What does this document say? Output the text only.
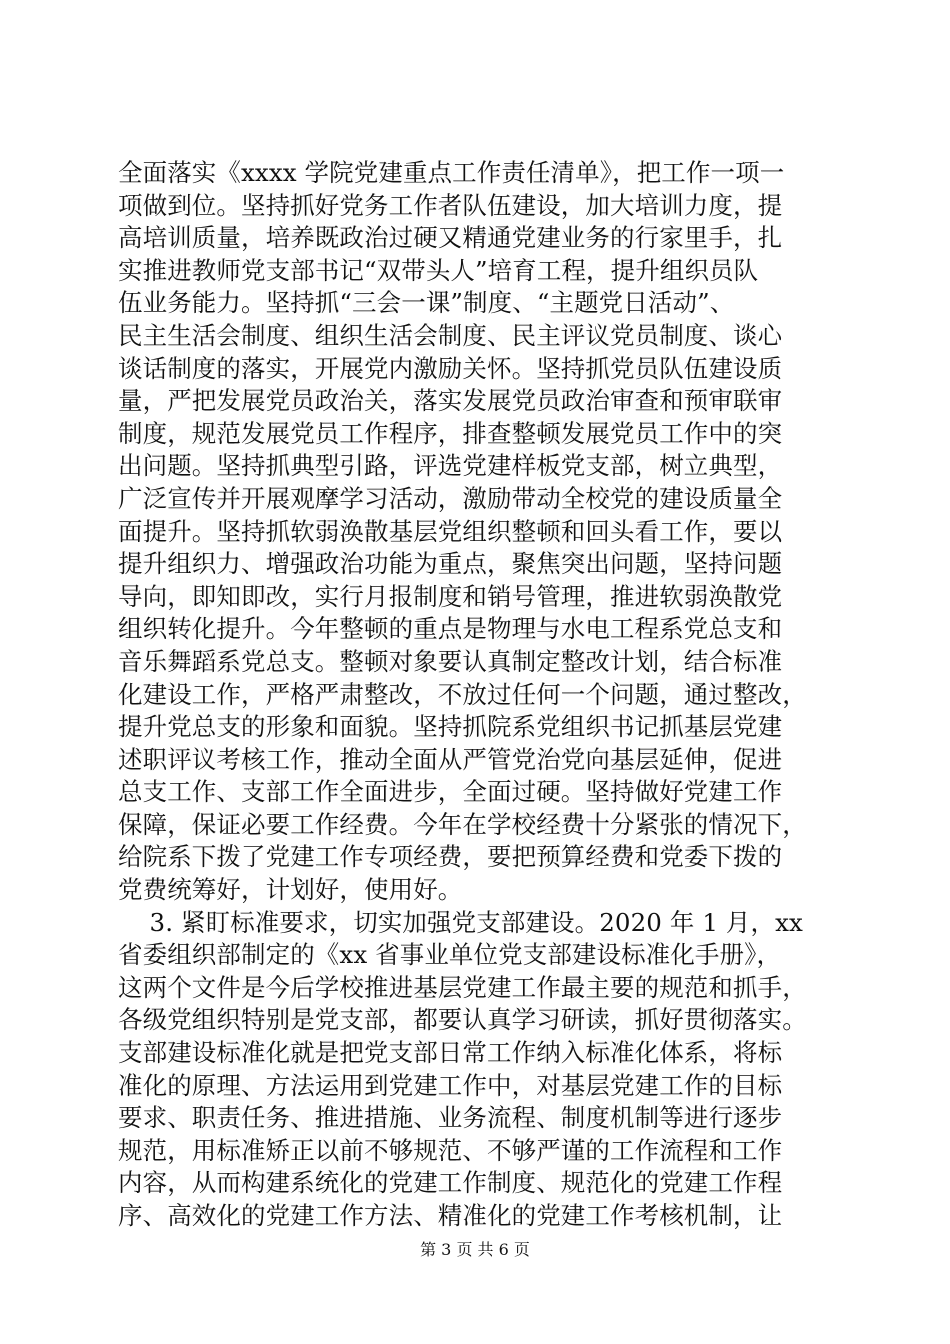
全面落实《xxxx 学院党建重点工作责任清单》，把工作一项一
项做到位。坚持抓好党务工作者队伍建设，加大培训力度，提
高培训质量，培养既政治过硬又精通党建业务的行家里手，扎
实推进教师党支部书记“双带头人”培育工程，提升组织员队
伍业务能力。坚持抓“三会一课”制度、“主题党日活动”、
民主生活会制度、组织生活会制度、民主评议党员制度、谈心
谈话制度的落实，开展党内激励关怀。坚持抓党员队伍建设质
量，严把发展党员政治关，落实发展党员政治审查和预审联审
制度，规范发展党员工作程序，排查整顿发展党员工作中的突
出问题。坚持抓典型引路，评选党建样板党支部，树立典型，
广泛宣传并开展观摩学习活动，激励带动全校党的建设质量全
面提升。坚持抓软弱涣散基层党组织整顿和回头看工作，要以
提升组织力、增强政治功能为重点，聚焦突出问题，坚持问题
导向，即知即改，实行月报制度和销号管理，推进软弱涣散党
组织转化提升。今年整顿的重点是物理与水电工程系党总支和
音乐舞蹈系党总支。整顿对象要认真制定整改计划，结合标准
化建设工作，严格严肃整改，不放过任何一个问题，通过整改，
提升党总支的形象和面貌。坚持抓院系党组织书记抓基层党建
述职评议考核工作，推动全面从严管党治党向基层延伸，促进
总支工作、支部工作全面进步，全面过硬。坚持做好党建工作
保障，保证必要工作经费。今年在学校经费十分紧张的情况下，
给院系下拨了党建工作专项经费，要把预算经费和党委下拨的
党费统筹好，计划好，使用好。
3. 紧盯标准要求，切实加强党支部建设。2020 年 1 月，xx
省委组织部制定的《xx 省事业单位党支部建设标准化手册》，
这两个文件是今后学校推进基层党建工作最主要的规范和抓手，
各级党组织特别是党支部，都要认真学习研读，抓好贯彻落实。
支部建设标准化就是把党支部日常工作纳入标准化体系，将标
准化的原理、方法运用到党建工作中，对基层党建工作的目标
要求、职责任务、推进措施、业务流程、制度机制等进行逐步
规范，用标准矫正以前不够规范、不够严谨的工作流程和工作
内容，从而构建系统化的党建工作制度、规范化的党建工作程
序、高效化的党建工作方法、精准化的党建工作考核机制，让
第 3 页 共 6 页
